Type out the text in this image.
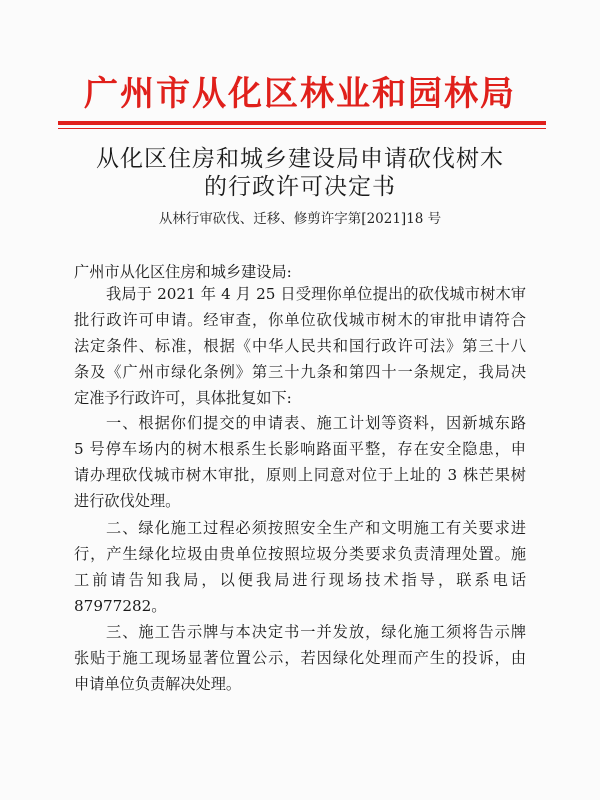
广州市从化区林业和园林局
从化区住房和城乡建设局申请砍伐树木
的行政许可决定书
从林行审砍伐、迁移、修剪许字第[2021]18 号
广州市从化区住房和城乡建设局:
我局于 2021 年 4 月 25 日受理你单位提出的砍伐城市树木审
批行政许可申请。经审查，你单位砍伐城市树木的审批申请符合
法定条件、标准，根据《中华人民共和国行政许可法》第三十八
条及《广州市绿化条例》第三十九条和第四十一条规定，我局决
定准予行政许可，具体批复如下:
一、根据你们提交的申请表、施工计划等资料，因新城东路
5 号停车场内的树木根系生长影响路面平整，存在安全隐患，申
请办理砍伐城市树木审批，原则上同意对位于上址的 3 株芒果树
进行砍伐处理。
二、绿化施工过程必须按照安全生产和文明施工有关要求进
行，产生绿化垃圾由贵单位按照垃圾分类要求负责清理处置。施
工前请告知我局，以便我局进行现场技术指导，联系电话
87977282。
三、施工告示牌与本决定书一并发放，绿化施工须将告示牌
张贴于施工现场显著位置公示，若因绿化处理而产生的投诉，由
申请单位负责解决处理。
